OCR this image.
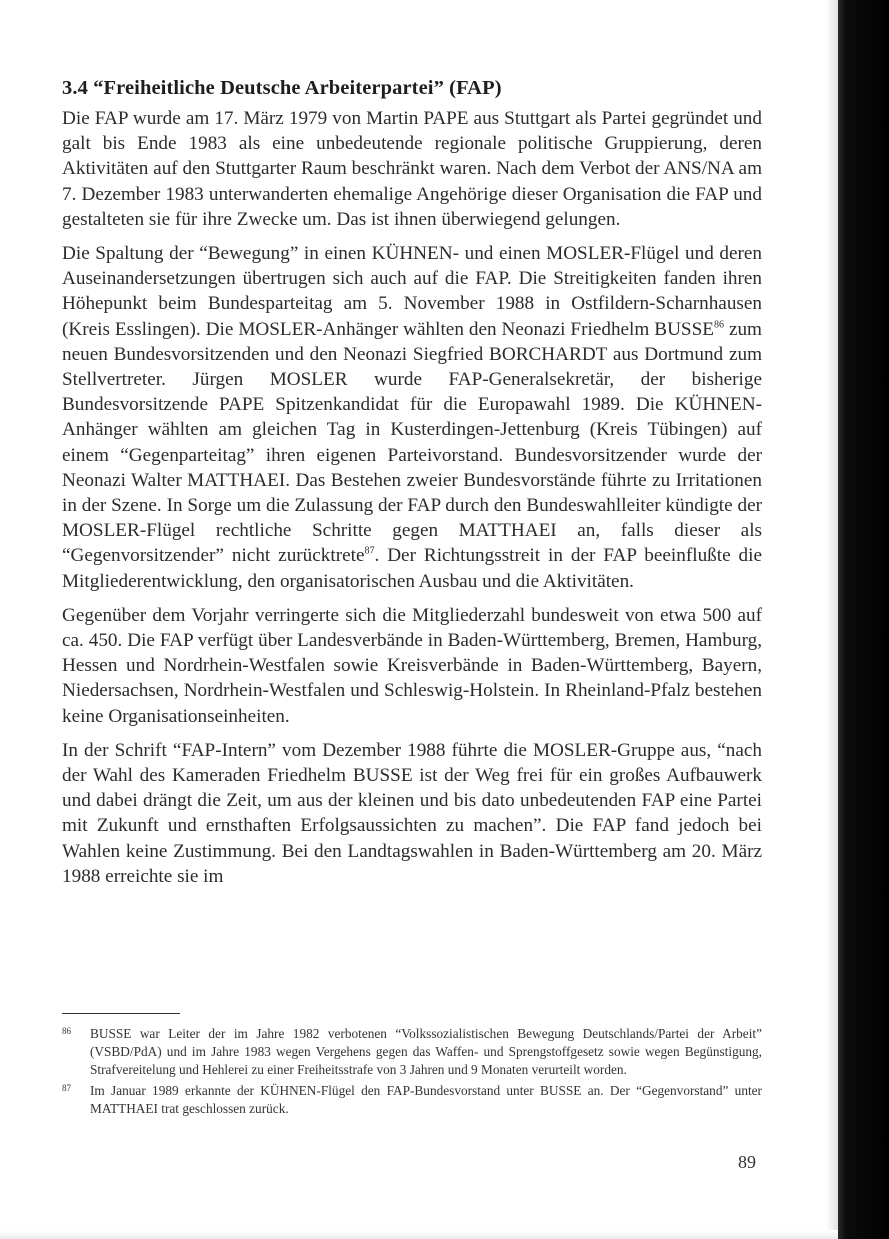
3.4 “Freiheitliche Deutsche Arbeiterpartei” (FAP)

Die FAP wurde am 17. März 1979 von Martin PAPE aus Stuttgart als Partei gegründet und galt bis Ende 1983 als eine unbedeutende regionale politische Gruppierung, deren Aktivitäten auf den Stuttgarter Raum beschränkt waren. Nach dem Verbot der ANS/NA am 7. Dezember 1983 unterwanderten ehemalige Angehörige dieser Organisation die FAP und gestalteten sie für ihre Zwecke um. Das ist ihnen überwiegend gelungen.

Die Spaltung der “Bewegung” in einen KÜHNEN- und einen MOSLER-Flügel und deren Auseinandersetzungen übertrugen sich auch auf die FAP. Die Streitigkeiten fanden ihren Höhepunkt beim Bundesparteitag am 5. November 1988 in Ostfildern-Scharnhausen (Kreis Esslingen). Die MOSLER-Anhänger wählten den Neonazi Friedhelm BUSSE$^{86}$ zum neuen Bundesvorsitzenden und den Neonazi Siegfried BORCHARDT aus Dortmund zum Stellvertreter. Jürgen MOSLER wurde FAP-Generalsekretär, der bisherige Bundesvorsitzende PAPE Spitzenkandidat für die Europawahl 1989. Die KÜHNEN-Anhänger wählten am gleichen Tag in Kusterdingen-Jettenburg (Kreis Tübingen) auf einem “Gegenparteitag” ihren eigenen Parteivorstand. Bundesvorsitzender wurde der Neonazi Walter MATTHAEI. Das Bestehen zweier Bundesvorstände führte zu Irritationen in der Szene. In Sorge um die Zulassung der FAP durch den Bundeswahlleiter kündigte der MOSLER-Flügel rechtliche Schritte gegen MATTHAEI an, falls dieser als “Gegenvorsitzender” nicht zurücktrete$^{87}$. Der Richtungsstreit in der FAP beeinflußte die Mitgliederentwicklung, den organisatorischen Ausbau und die Aktivitäten.

Gegenüber dem Vorjahr verringerte sich die Mitgliederzahl bundesweit von etwa 500 auf ca. 450. Die FAP verfügt über Landesverbände in Baden-Württemberg, Bremen, Hamburg, Hessen und Nordrhein-Westfalen sowie Kreisverbände in Baden-Württemberg, Bayern, Niedersachsen, Nordrhein-Westfalen und Schleswig-Holstein. In Rheinland-Pfalz bestehen keine Organisationseinheiten.

In der Schrift “FAP-Intern” vom Dezember 1988 führte die MOSLER-Gruppe aus, “nach der Wahl des Kameraden Friedhelm BUSSE ist der Weg frei für ein großes Aufbauwerk und dabei drängt die Zeit, um aus der kleinen und bis dato unbedeutenden FAP eine Partei mit Zukunft und ernsthaften Erfolgsaussichten zu machen”. Die FAP fand jedoch bei Wahlen keine Zustimmung. Bei den Landtagswahlen in Baden-Württemberg am 20. März 1988 erreichte sie im

86 BUSSE war Leiter der im Jahre 1982 verbotenen “Volkssozialistischen Bewegung Deutschlands/Partei der Arbeit” (VSBD/PdA) und im Jahre 1983 wegen Vergehens gegen das Waffen- und Sprengstoffgesetz sowie wegen Begünstigung, Strafvereitelung und Hehlerei zu einer Freiheitsstrafe von 3 Jahren und 9 Monaten verurteilt worden.

87 Im Januar 1989 erkannte der KÜHNEN-Flügel den FAP-Bundesvorstand unter BUSSE an. Der “Gegenvorstand” unter MATTHAEI trat geschlossen zurück.

89
